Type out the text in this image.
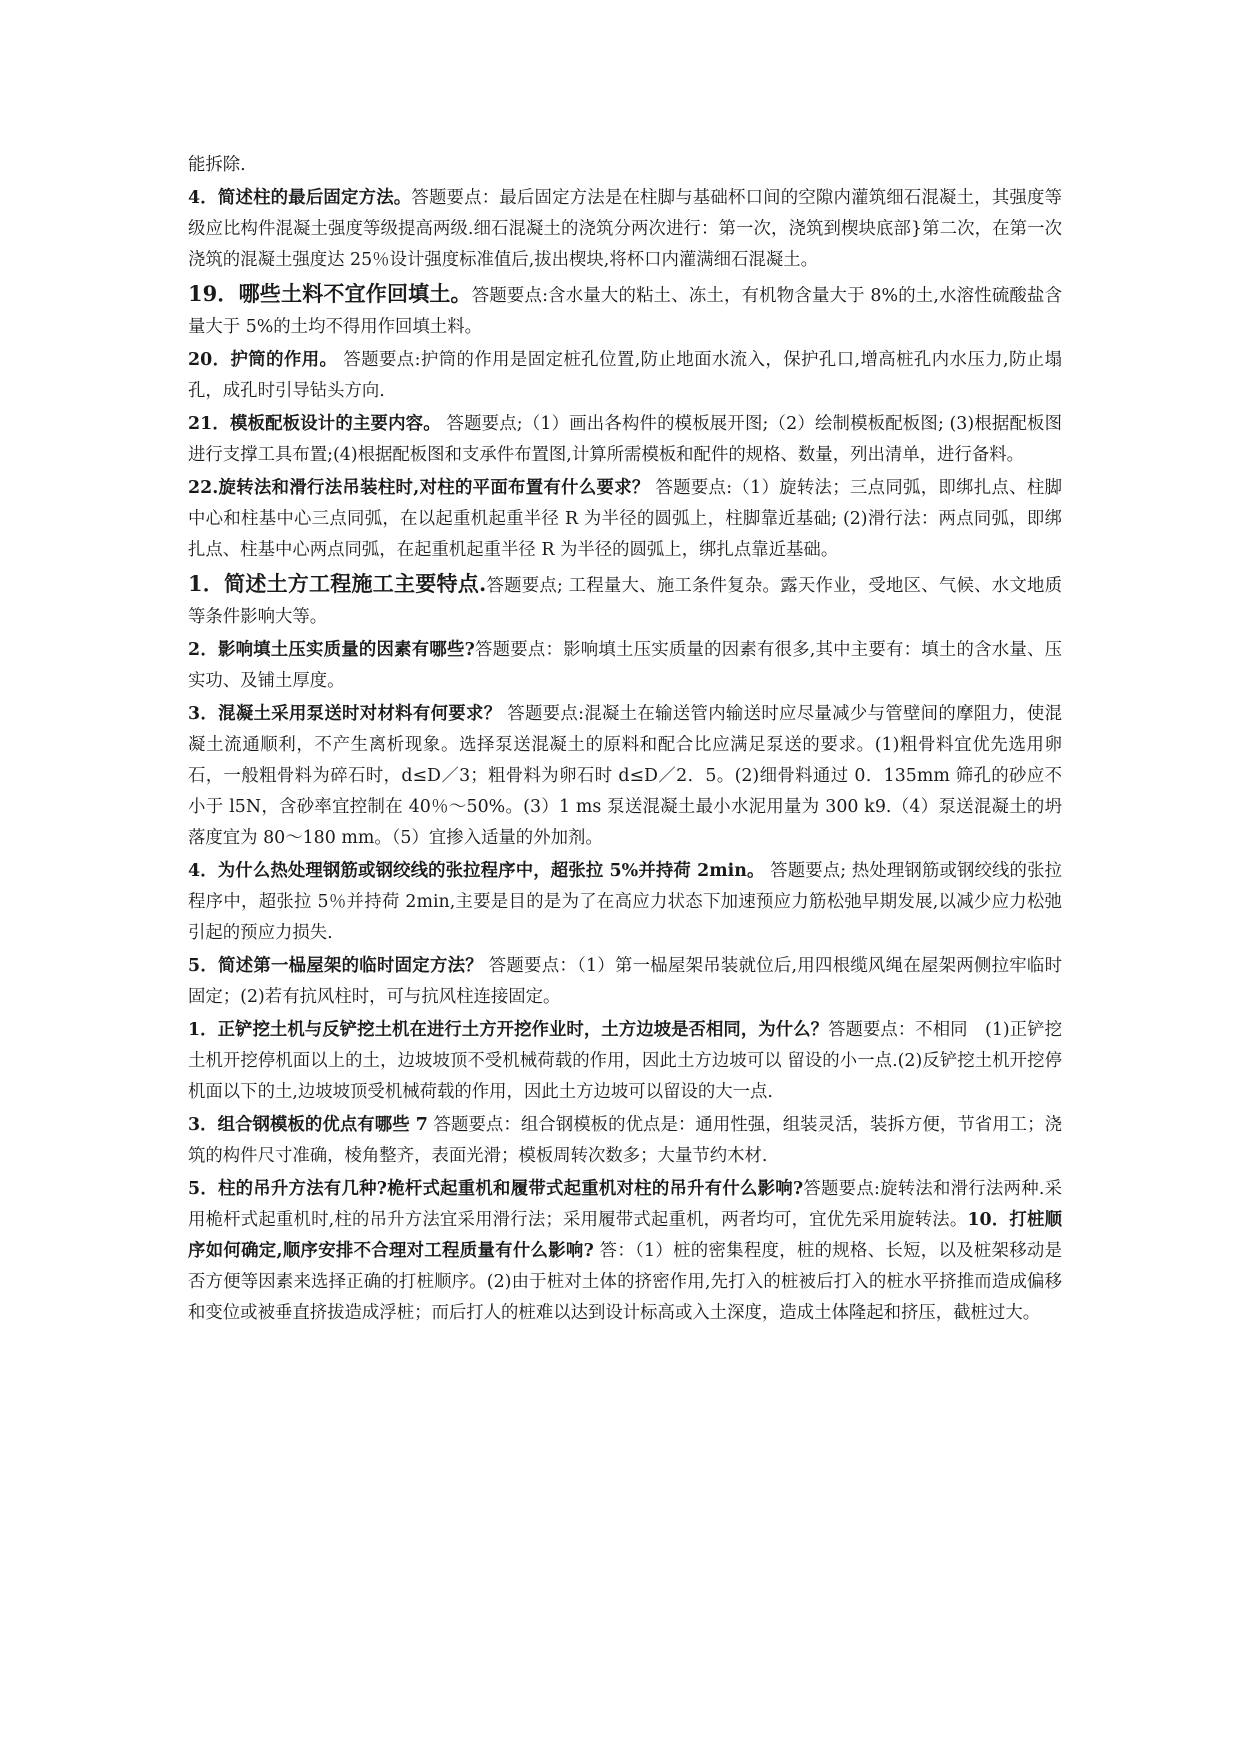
能拆除.

4．简述柱的最后固定方法。答题要点：最后固定方法是在柱脚与基础杯口间的空隙内灌筑细石混凝土，其强度等级应比构件混凝土强度等级提高两级.细石混凝土的浇筑分两次进行：第一次，浇筑到楔块底部}第二次，在第一次浇筑的混凝土强度达 25％设计强度标准值后,拔出楔块,将杯口内灌满细石混凝土。

19．哪些土料不宜作回填土。答题要点:含水量大的粘土、冻土，有机物含量大于 8%的土,水溶性硫酸盐含量大于 5%的土均不得用作回填土料。

20．护筒的作用。 答题要点:护筒的作用是固定桩孔位置,防止地面水流入，保护孔口,增高桩孔内水压力,防止塌孔，成孔时引导钻头方向.

21．模板配板设计的主要内容。 答题要点;（1）画出各构件的模板展开图;（2）绘制模板配板图; (3)根据配板图进行支撑工具布置;(4)根据配板图和支承件布置图,计算所需模板和配件的规格、数量，列出清单，进行备料。

22.旋转法和滑行法吊装柱时,对柱的平面布置有什么要求？ 答题要点:（1）旋转法；三点同弧，即绑扎点、柱脚中心和柱基中心三点同弧，在以起重机起重半径 R 为半径的圆弧上，柱脚靠近基础; (2)滑行法：两点同弧，即绑扎点、柱基中心两点同弧，在起重机起重半径 R 为半径的圆弧上，绑扎点靠近基础。

1．简述土方工程施工主要特点.答题要点; 工程量大、施工条件复杂。露天作业，受地区、气候、水文地质等条件影响大等。

2．影响填土压实质量的因素有哪些?答题要点：影响填土压实质量的因素有很多,其中主要有：填土的含水量、压实功、及铺土厚度。

3．混凝土采用泵送时对材料有何要求？ 答题要点:混凝土在输送管内输送时应尽量减少与管壁间的摩阻力，使混凝土流通顺利，不产生离析现象。选择泵送混凝土的原料和配合比应满足泵送的要求。(1)粗骨料宜优先选用卵石，一般粗骨料为碎石时，d≤D／3；粗骨料为卵石时 d≤D／2．5。(2)细骨料通过 0．135mm 筛孔的砂应不小于 l5N，含砂率宜控制在 40％～50%。(3）1 ms 泵送混凝土最小水泥用量为 300 k9.（4）泵送混凝土的坍落度宜为 80～180 mm。（5）宜掺入适量的外加剂。

4．为什么热处理钢筋或钢绞线的张拉程序中，超张拉 5%并持荷 2min。 答题要点; 热处理钢筋或钢绞线的张拉程序中，超张拉 5％并持荷 2min,主要是目的是为了在高应力状态下加速预应力筋松弛早期发展,以减少应力松弛引起的预应力损失.

5．简述第一榀屋架的临时固定方法？ 答题要点：（1）第一榀屋架吊装就位后,用四根缆风绳在屋架两侧拉牢临时固定；(2)若有抗风柱时，可与抗风柱连接固定。

1．正铲挖土机与反铲挖土机在进行土方开挖作业时，土方边坡是否相同，为什么？答题要点：不相同　(1)正铲挖土机开挖停机面以上的土，边坡坡顶不受机械荷载的作用，因此土方边坡可以 留设的小一点.(2)反铲挖土机开挖停机面以下的土,边坡坡顶受机械荷载的作用，因此土方边坡可以留设的大一点.

3．组合钢模板的优点有哪些 7 答题要点：组合钢模板的优点是：通用性强，组装灵活，装拆方便，节省用工；浇筑的构件尺寸准确，棱角整齐，表面光滑；模板周转次数多；大量节约木材.

5．柱的吊升方法有几种?桅杆式起重机和履带式起重机对柱的吊升有什么影响?答题要点:旋转法和滑行法两种.采用桅杆式起重机时,柱的吊升方法宜采用滑行法；采用履带式起重机，两者均可，宜优先采用旋转法。10．打桩顺序如何确定,顺序安排不合理对工程质量有什么影响? 答：（1）桩的密集程度，桩的规格、长短，以及桩架移动是否方便等因素来选择正确的打桩顺序。(2)由于桩对土体的挤密作用,先打入的桩被后打入的桩水平挤推而造成偏移和变位或被垂直挤拔造成浮桩；而后打人的桩难以达到设计标高或入土深度，造成土体隆起和挤压，截桩过大。
